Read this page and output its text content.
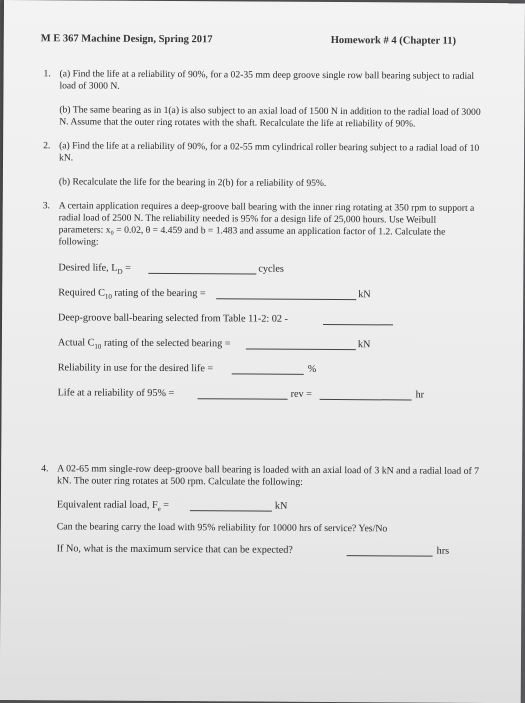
M E 367 Machine Design, Spring 2017	Homework # 4 (Chapter 11)
1. (a) Find the life at a reliability of 90%, for a 02-35 mm deep groove single row ball bearing subject to radial load of 3000 N.
(b) The same bearing as in 1(a) is also subject to an axial load of 1500 N in addition to the radial load of 3000 N. Assume that the outer ring rotates with the shaft. Recalculate the life at reliability of 90%.
2. (a) Find the life at a reliability of 90%, for a 02-55 mm cylindrical roller bearing subject to a radial load of 10 kN.
(b) Recalculate the life for the bearing in 2(b) for a reliability of 95%.
3. A certain application requires a deep-groove ball bearing with the inner ring rotating at 350 rpm to support a radial load of 2500 N. The reliability needed is 95% for a design life of 25,000 hours. Use Weibull parameters: x₀ = 0.02, θ = 4.459 and b = 1.483 and assume an application factor of 1.2. Calculate the following:
Desired life, $L_D$ =	cycles
Required $C_{10}$ rating of the bearing =	kN
Deep-groove ball-bearing selected from Table 11-2: 02 -
Actual $C_{10}$ rating of the selected bearing =	kN
Reliability in use for the desired life =	%
Life at a reliability of 95% =	rev =	hr
4. A 02-65 mm single-row deep-groove ball bearing is loaded with an axial load of 3 kN and a radial load of 7 kN. The outer ring rotates at 500 rpm. Calculate the following:
Equivalent radial load, $F_e$ =	kN
Can the bearing carry the load with 95% reliability for 10000 hrs of service? Yes/No
If No, what is the maximum service that can be expected?	hrs
